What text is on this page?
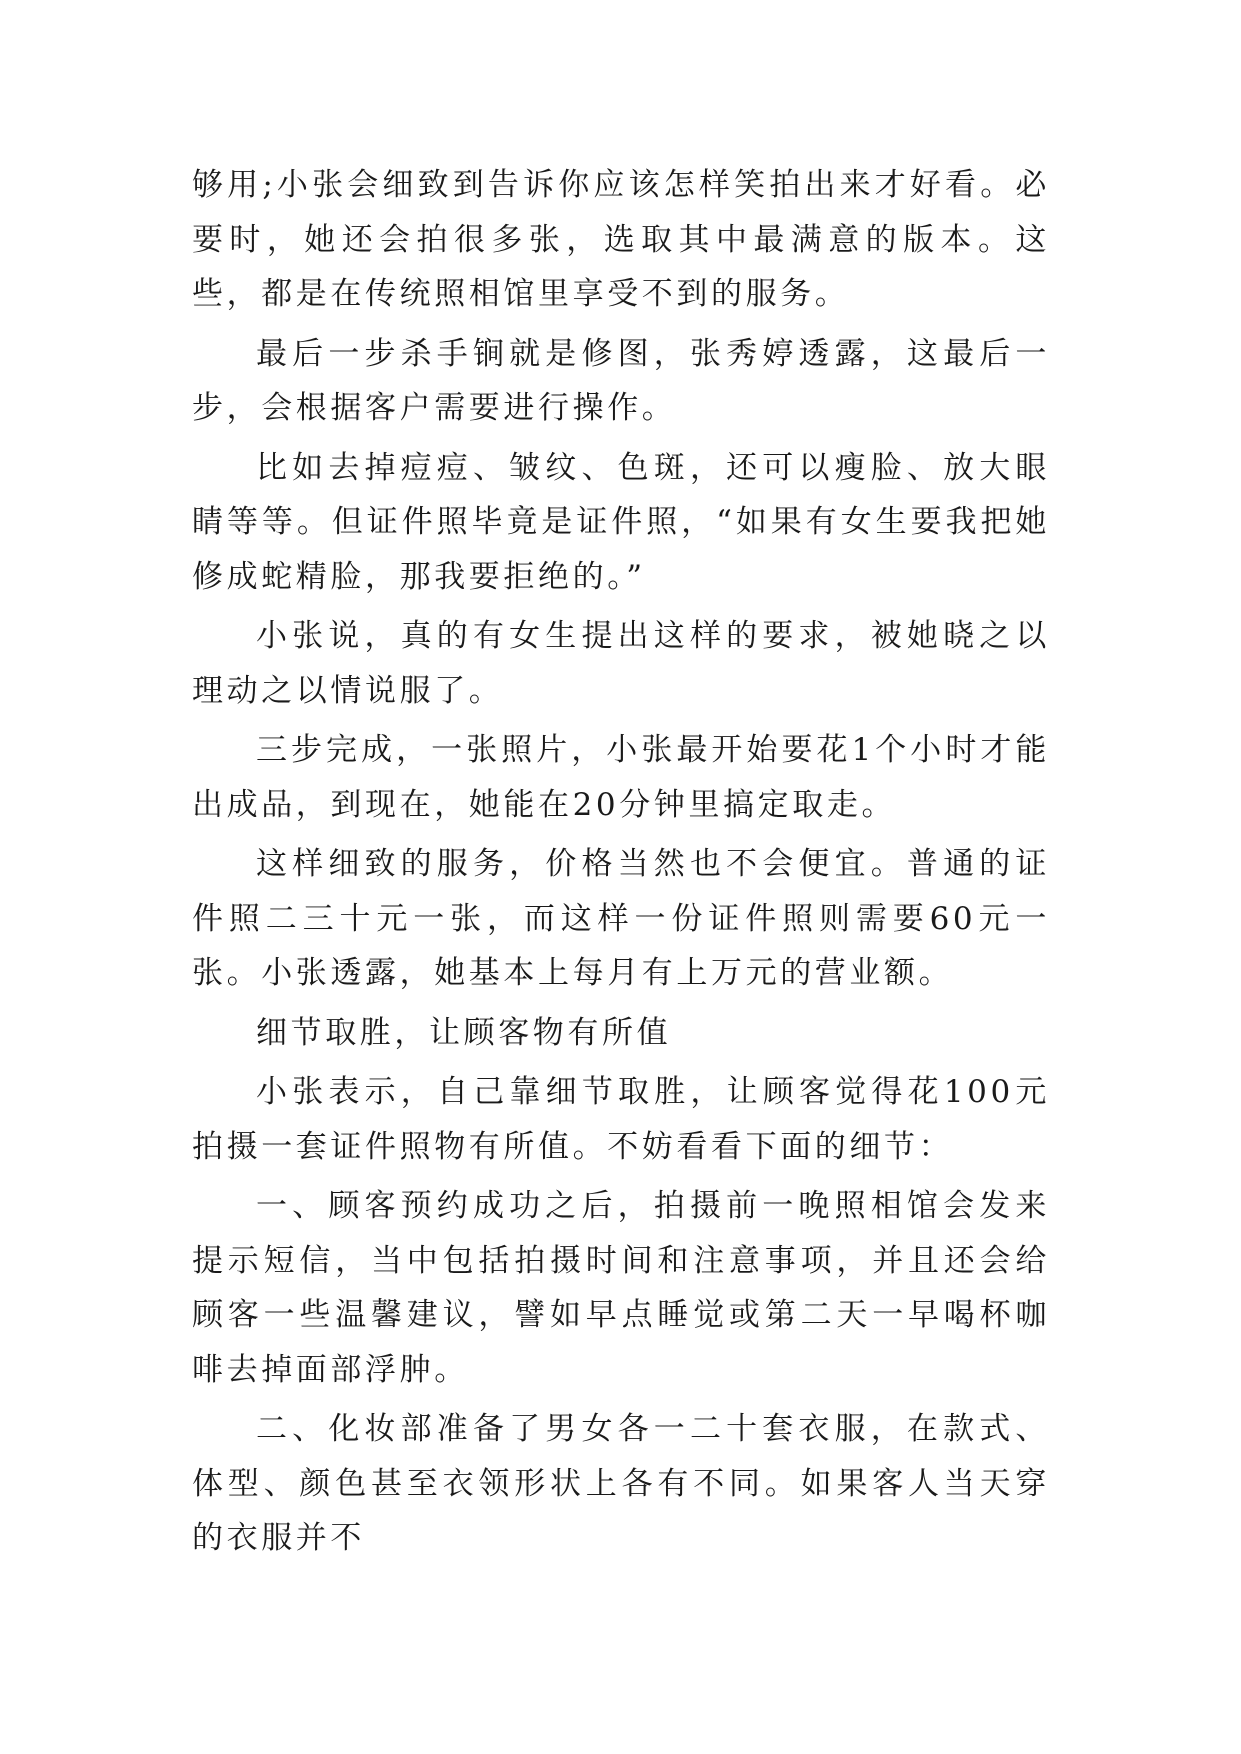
够用;小张会细致到告诉你应该怎样笑拍出来才好看。必要时，她还会拍很多张，选取其中最满意的版本。这些，都是在传统照相馆里享受不到的服务。

最后一步杀手锏就是修图，张秀婷透露，这最后一步，会根据客户需要进行操作。

比如去掉痘痘、皱纹、色斑，还可以瘦脸、放大眼睛等等。但证件照毕竟是证件照，“如果有女生要我把她修成蛇精脸，那我要拒绝的。”

小张说，真的有女生提出这样的要求，被她晓之以理动之以情说服了。

三步完成，一张照片，小张最开始要花1个小时才能出成品，到现在，她能在20分钟里搞定取走。

这样细致的服务，价格当然也不会便宜。普通的证件照二三十元一张，而这样一份证件照则需要60元一张。小张透露，她基本上每月有上万元的营业额。

细节取胜，让顾客物有所值

小张表示，自己靠细节取胜，让顾客觉得花100元拍摄一套证件照物有所值。不妨看看下面的细节：

一、顾客预约成功之后，拍摄前一晚照相馆会发来提示短信，当中包括拍摄时间和注意事项，并且还会给顾客一些温馨建议，譬如早点睡觉或第二天一早喝杯咖啡去掉面部浮肿。

二、化妆部准备了男女各一二十套衣服，在款式、体型、颜色甚至衣领形状上各有不同。如果客人当天穿的衣服并不
